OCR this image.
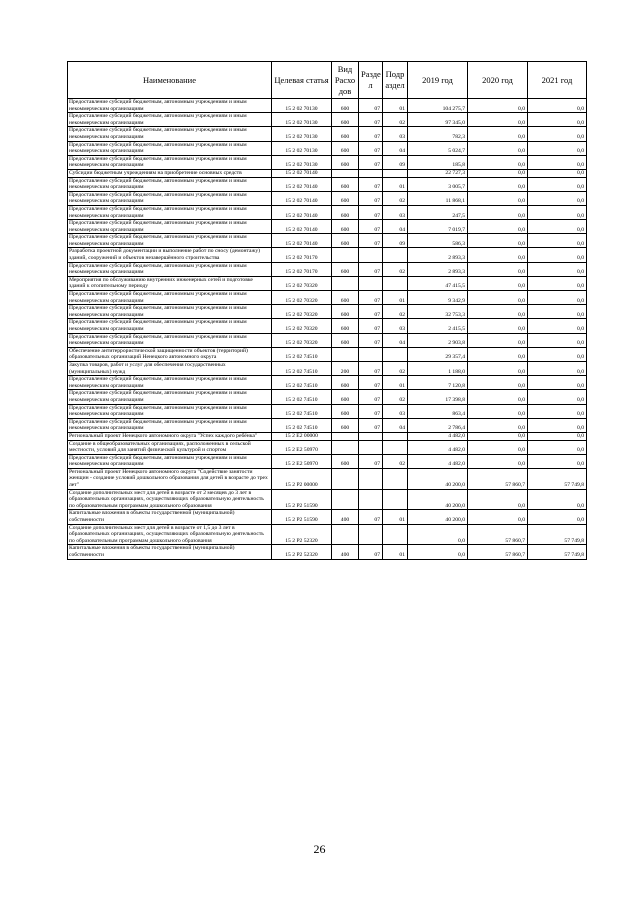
Наименование	Целевая статья	Вид Расхо дов	Разде л	Подр аздел	2019 год	2020 год	2021 год
Предоставление субсидий бюджетным, автономным учреждениям и иным некоммерческим организациям	15 2 02 70130	600	07	01	104 275,7	0,0	0,0
Предоставление субсидий бюджетным, автономным учреждениям и иным некоммерческим организациям	15 2 02 70130	600	07	02	97 345,0	0,0	0,0
Предоставление субсидий бюджетным, автономным учреждениям и иным некоммерческим организациям	15 2 02 70130	600	07	03	782,3	0,0	0,0
Предоставление субсидий бюджетным, автономным учреждениям и иным некоммерческим организациям	15 2 02 70130	600	07	04	5 024,7	0,0	0,0
Предоставление субсидий бюджетным, автономным учреждениям и иным некоммерческим организациям	15 2 02 70130	600	07	09	185,8	0,0	0,0
Субсидии бюджетным учреждениям на приобретение основных средств	15 2 02 70140				22 727,3	0,0	0,0
Предоставление субсидий бюджетным, автономным учреждениям и иным некоммерческим организациям	15 2 02 70140	600	07	01	3 005,7	0,0	0,0
Предоставление субсидий бюджетным, автономным учреждениям и иным некоммерческим организациям	15 2 02 70140	600	07	02	11 868,1	0,0	0,0
Предоставление субсидий бюджетным, автономным учреждениям и иным некоммерческим организациям	15 2 02 70140	600	07	03	247,5	0,0	0,0
Предоставление субсидий бюджетным, автономным учреждениям и иным некоммерческим организациям	15 2 02 70140	600	07	04	7 019,7	0,0	0,0
Предоставление субсидий бюджетным, автономным учреждениям и иным некоммерческим организациям	15 2 02 70140	600	07	09	586,3	0,0	0,0
Разработка проектной документации и выполнение работ по сносу (демонтажу) зданий, сооружений и объектов незавершённого строительства	15 2 02 70170				2 893,3	0,0	0,0
Предоставление субсидий бюджетным, автономным учреждениям и иным некоммерческим организациям	15 2 02 70170	600	07	02	2 893,3	0,0	0,0
Мероприятия по обслуживанию внутренних инженерных сетей и подготовке зданий к отопительному периоду	15 2 02 70320				47 415,5	0,0	0,0
Предоставление субсидий бюджетным, автономным учреждениям и иным некоммерческим организациям	15 2 02 70320	600	07	01	9 342,9	0,0	0,0
Предоставление субсидий бюджетным, автономным учреждениям и иным некоммерческим организациям	15 2 02 70320	600	07	02	32 753,3	0,0	0,0
Предоставление субсидий бюджетным, автономным учреждениям и иным некоммерческим организациям	15 2 02 70320	600	07	03	2 415,5	0,0	0,0
Предоставление субсидий бюджетным, автономным учреждениям и иным некоммерческим организациям	15 2 02 70320	600	07	04	2 903,8	0,0	0,0
Обеспечение антитеррористической защищенности объектов (территорий) образовательных организаций Ненецкого автономного округа	15 2 02 74510				29 357,4	0,0	0,0
Закупка товаров, работ и услуг для обеспечения государственных (муниципальных) нужд	15 2 02 74510	200	07	02	1 188,0	0,0	0,0
Предоставление субсидий бюджетным, автономным учреждениям и иным некоммерческим организациям	15 2 02 74510	600	07	01	7 120,8	0,0	0,0
Предоставление субсидий бюджетным, автономным учреждениям и иным некоммерческим организациям	15 2 02 74510	600	07	02	17 398,8	0,0	0,0
Предоставление субсидий бюджетным, автономным учреждениям и иным некоммерческим организациям	15 2 02 74510	600	07	03	863,4	0,0	0,0
Предоставление субсидий бюджетным, автономным учреждениям и иным некоммерческим организациям	15 2 02 74510	600	07	04	2 786,4	0,0	0,0
Региональный проект Ненецкого автономного округа "Успех каждого ребёнка"	15 2 E2 00000				4 482,0	0,0	0,0
Создание в общеобразовательных организациях, расположенных в сельской местности, условий для занятий физической культурой и спортом	15 2 E2 50970				4 482,0	0,0	0,0
Предоставление субсидий бюджетным, автономным учреждениям и иным некоммерческим организациям	15 2 E2 50970	600	07	02	4 482,0	0,0	0,0
Региональный проект Ненецкого автономного округа "Содействие занятости женщин - создание условий дошкольного образования для детей в возрасте до трех лет"	15 2 P2 00000				40 200,0	57 860,7	57 749,8
Создание дополнительных мест для детей в возрасте от 2 месяцев до 3 лет в образовательных организациях, осуществляющих образовательную деятельность по образовательным программам дошкольного образования	15 2 P2 51590				40 200,0	0,0	0,0
Капитальные вложения в объекты государственной (муниципальной) собственности	15 2 P2 51590	400	07	01	40 200,0	0,0	0,0
Создание дополнительных мест для детей в возрасте от 1,5 до 3 лет в образовательных организациях, осуществляющих образовательную деятельность по образовательным программам дошкольного образования	15 2 P2 52320				0,0	57 860,7	57 749,8
Капитальные вложения в объекты государственной (муниципальной) собственности	15 2 P2 52320	400	07	01	0,0	57 860,7	57 749,8
26
